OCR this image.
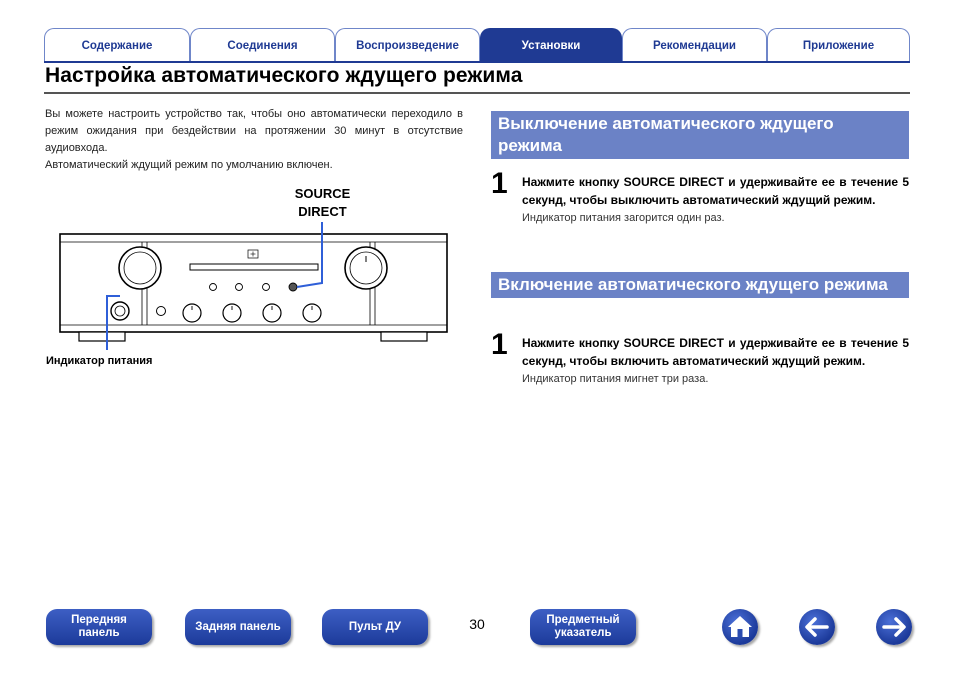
Содержание	Соединения	Воспроизведение	Установки	Рекомендации	Приложение
Настройка автоматического ждущего режима

Вы можете настроить устройство так, чтобы оно автоматически переходило в режим ожидания при бездействии на протяжении 30 минут в отсутствие аудиовхода.

Автоматический ждущий режим по умолчанию включен.

SOURCE
DIRECT
Индикатор питания
Выключение автоматического ждущего режима
1 Нажмите кнопку SOURCE DIRECT и удерживайте ее в течение 5 секунд, чтобы выключить автоматический ждущий режим.
Индикатор питания загорится один раз.
Включение автоматического ждущего режима
1 Нажмите кнопку SOURCE DIRECT и удерживайте ее в течение 5 секунд, чтобы включить автоматический ждущий режим.
Индикатор питания мигнет три раза.
Передняя
панель
Задняя панель	Пульт ДУ	30	Предметный
указатель
